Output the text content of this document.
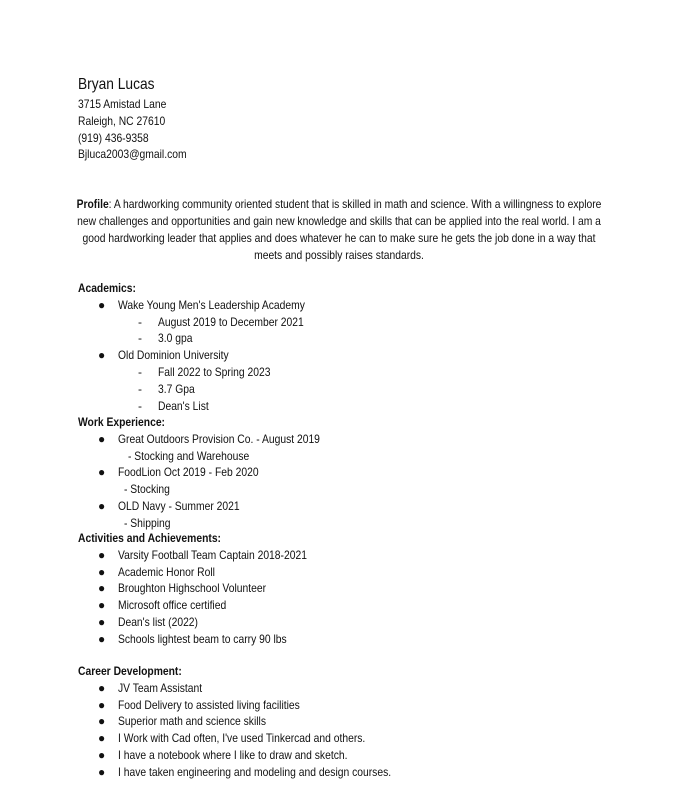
Bryan Lucas
3715 Amistad Lane
Raleigh, NC 27610
(919) 436-9358
Bjluca2003@gmail.com
Profile: A hardworking community oriented student that is skilled in math and science. With a willingness to explore new challenges and opportunities and gain new knowledge and skills that can be applied into the real world. I am a good hardworking leader that applies and does whatever he can to make sure he gets the job done in a way that meets and possibly raises standards.
Academics:
● Wake Young Men's Leadership Academy
- August 2019 to December 2021
- 3.0 gpa
● Old Dominion University
- Fall 2022 to Spring 2023
- 3.7 Gpa
- Dean's List
Work Experience:
● Great Outdoors Provision Co. - August 2019
- Stocking and Warehouse
● FoodLion Oct 2019 - Feb 2020
- Stocking
● OLD Navy - Summer 2021
- Shipping
Activities and Achievements:
● Varsity Football Team Captain 2018-2021
● Academic Honor Roll
● Broughton Highschool Volunteer
● Microsoft office certified
● Dean's list (2022)
● Schools lightest beam to carry 90 lbs
Career Development:
● JV Team Assistant
● Food Delivery to assisted living facilities
● Superior math and science skills
● I Work with Cad often, I've used Tinkercad and others.
● I have a notebook where I like to draw and sketch.
● I have taken engineering and modeling and design courses.
